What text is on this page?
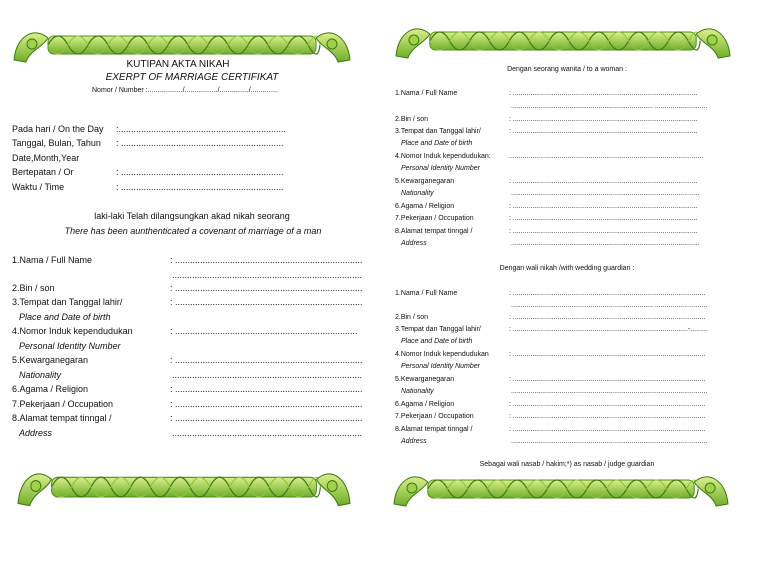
KUTIPAN AKTA NIKAH
EXERPT OF MARRIAGE CERTIFIKAT
Nomor / Number :................../................./.............../..............
Pada hari / On the Day :...................................................................
Tanggal, Bulan, Tahun : .................................................................
Date,Month,Year
Bertepatan / Or	: .................................................................
Waktu / Time	: .................................................................
laki-laki Telah dilangsungkan akad nikah seorang
There has been aunthenticated a covenant of marriage of a man
1.Nama / Full Name	: ...........................................................................
............................................................................
2.Bin / son	: ...........................................................................
3.Tempat dan Tanggal lahir/	: ...........................................................................
Place and Date of birth
4.Nomor Induk kependudukan	: .........................................................................
Personal Identity Number
5.Kewarganegaran	: ...........................................................................
Nationality	............................................................................
6.Agama / Religion	: ...........................................................................
7.Pekerjaan / Occupation	: ...........................................................................
8.Alamat tempat tinngal /	: ...........................................................................
Address	............................................................................
Dengan seorang wanita / to a woman :
1.Nama / Full Name	: ...............................................................................................
......................................................................... ...........................
2.Bin / son	: ...............................................................................................
3.Tempat dan Tanggal lahir/	: ...............................................................................................
Place and Date of birth
4.Nomor Induk kependudukan:	....................................................................................................
Personal Identity Number
5.Kewarganegaran	: ...............................................................................................
Nationality	.................................................................................................
6.Agama / Religion	: ...............................................................................................
7.Pekerjaan / Occupation	: ...............................................................................................
8.Alamat tempat tinngal /	: ...............................................................................................
Address	.................................................................................................
Dengan wali nikah /with wedding guardian :
1.Nama / Full Name	: ...................................................................................................
......................................................................... ...........................
2.Bin / son	: ...................................................................................................
3.Tempat dan Tanggal lahir/	: ..........................................................................................-.........
Place and Date of birth
4.Nomor Induk kependudukan	: ...................................................................................................
Personal Identity Number
5.Kewarganegaran	: ...................................................................................................
Nationality	.....................................................................................................
6.Agama / Religion	: ...................................................................................................
7.Pekerjaan / Occupation	: ...................................................................................................
8.Alamat tempat tinngal /	: ...................................................................................................
Address	.....................................................................................................
Sebagai wali nasab / hakim;*) as nasab / judge guardian
